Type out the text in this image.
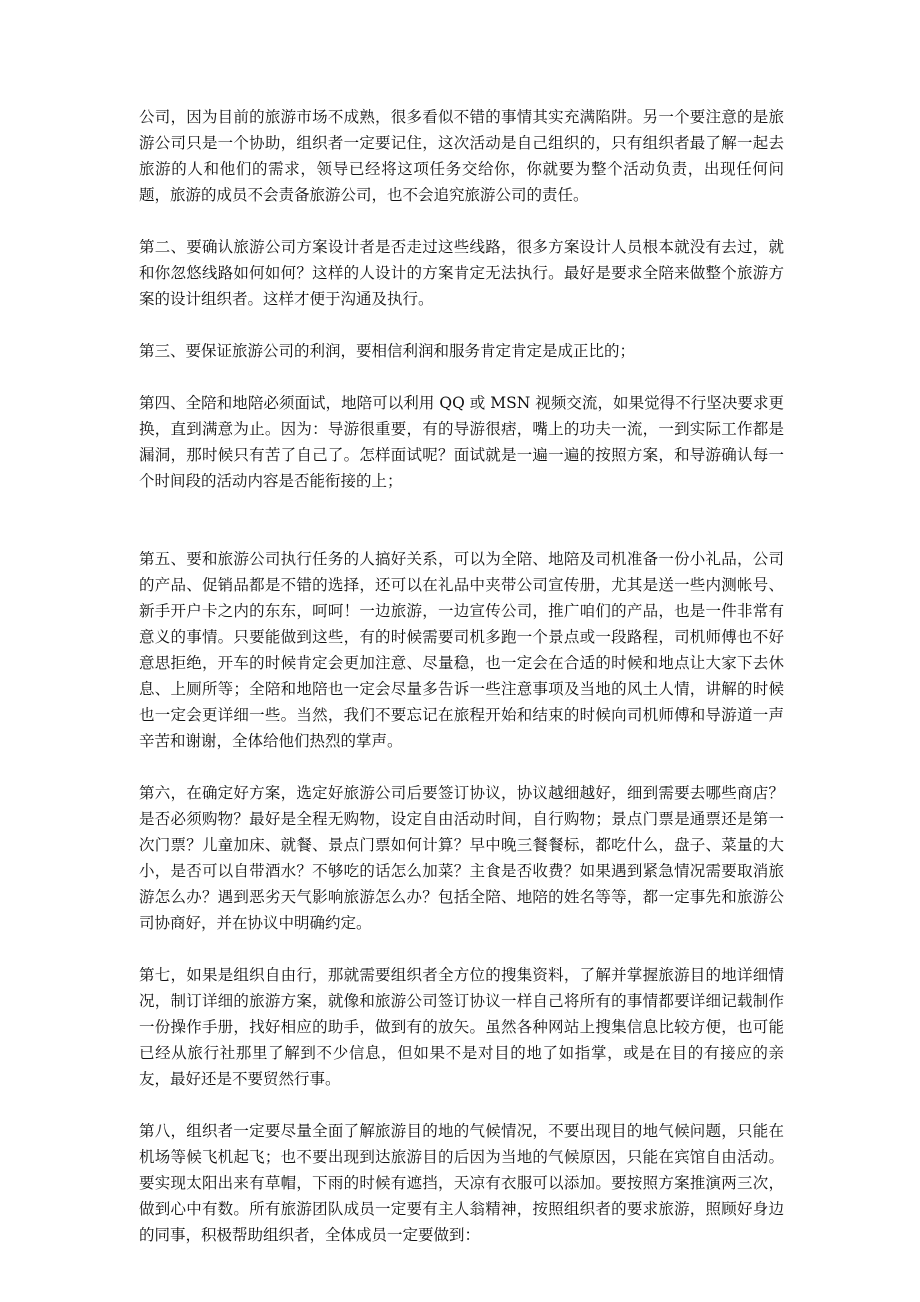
公司，因为目前的旅游市场不成熟，很多看似不错的事情其实充满陷阱。另一个要注意的是旅游公司只是一个协助，组织者一定要记住，这次活动是自己组织的，只有组织者最了解一起去旅游的人和他们的需求，领导已经将这项任务交给你，你就要为整个活动负责，出现任何问题，旅游的成员不会责备旅游公司，也不会追究旅游公司的责任。

第二、要确认旅游公司方案设计者是否走过这些线路，很多方案设计人员根本就没有去过，就和你忽悠线路如何如何？这样的人设计的方案肯定无法执行。最好是要求全陪来做整个旅游方案的设计组织者。这样才便于沟通及执行。

第三、要保证旅游公司的利润，要相信利润和服务肯定肯定是成正比的；

第四、全陪和地陪必须面试，地陪可以利用 QQ 或 MSN 视频交流，如果觉得不行坚决要求更换，直到满意为止。因为：导游很重要，有的导游很痞，嘴上的功夫一流，一到实际工作都是漏洞，那时候只有苦了自己了。怎样面试呢？面试就是一遍一遍的按照方案，和导游确认每一个时间段的活动内容是否能衔接的上；

第五、要和旅游公司执行任务的人搞好关系，可以为全陪、地陪及司机准备一份小礼品，公司的产品、促销品都是不错的选择，还可以在礼品中夹带公司宣传册，尤其是送一些内测帐号、新手开户卡之内的东东，呵呵！一边旅游，一边宣传公司，推广咱们的产品，也是一件非常有意义的事情。只要能做到这些，有的时候需要司机多跑一个景点或一段路程，司机师傅也不好意思拒绝，开车的时候肯定会更加注意、尽量稳，也一定会在合适的时候和地点让大家下去休息、上厕所等；全陪和地陪也一定会尽量多告诉一些注意事项及当地的风土人情，讲解的时候也一定会更详细一些。当然，我们不要忘记在旅程开始和结束的时候向司机师傅和导游道一声辛苦和谢谢，全体给他们热烈的掌声。

第六，在确定好方案，选定好旅游公司后要签订协议，协议越细越好，细到需要去哪些商店？是否必须购物？最好是全程无购物，设定自由活动时间，自行购物；景点门票是通票还是第一次门票？儿童加床、就餐、景点门票如何计算？早中晚三餐餐标，都吃什么，盘子、菜量的大小，是否可以自带酒水？不够吃的话怎么加菜？主食是否收费？如果遇到紧急情况需要取消旅游怎么办？遇到恶劣天气影响旅游怎么办？包括全陪、地陪的姓名等等，都一定事先和旅游公司协商好，并在协议中明确约定。

第七，如果是组织自由行，那就需要组织者全方位的搜集资料，了解并掌握旅游目的地详细情况，制订详细的旅游方案，就像和旅游公司签订协议一样自己将所有的事情都要详细记载制作一份操作手册，找好相应的助手，做到有的放矢。虽然各种网站上搜集信息比较方便，也可能已经从旅行社那里了解到不少信息，但如果不是对目的地了如指掌，或是在目的有接应的亲友，最好还是不要贸然行事。

第八，组织者一定要尽量全面了解旅游目的地的气候情况，不要出现目的地气候问题，只能在机场等候飞机起飞；也不要出现到达旅游目的后因为当地的气候原因，只能在宾馆自由活动。要实现太阳出来有草帽，下雨的时候有遮挡，天凉有衣服可以添加。要按照方案推演两三次，做到心中有数。所有旅游团队成员一定要有主人翁精神，按照组织者的要求旅游，照顾好身边的同事，积极帮助组织者，全体成员一定要做到：
